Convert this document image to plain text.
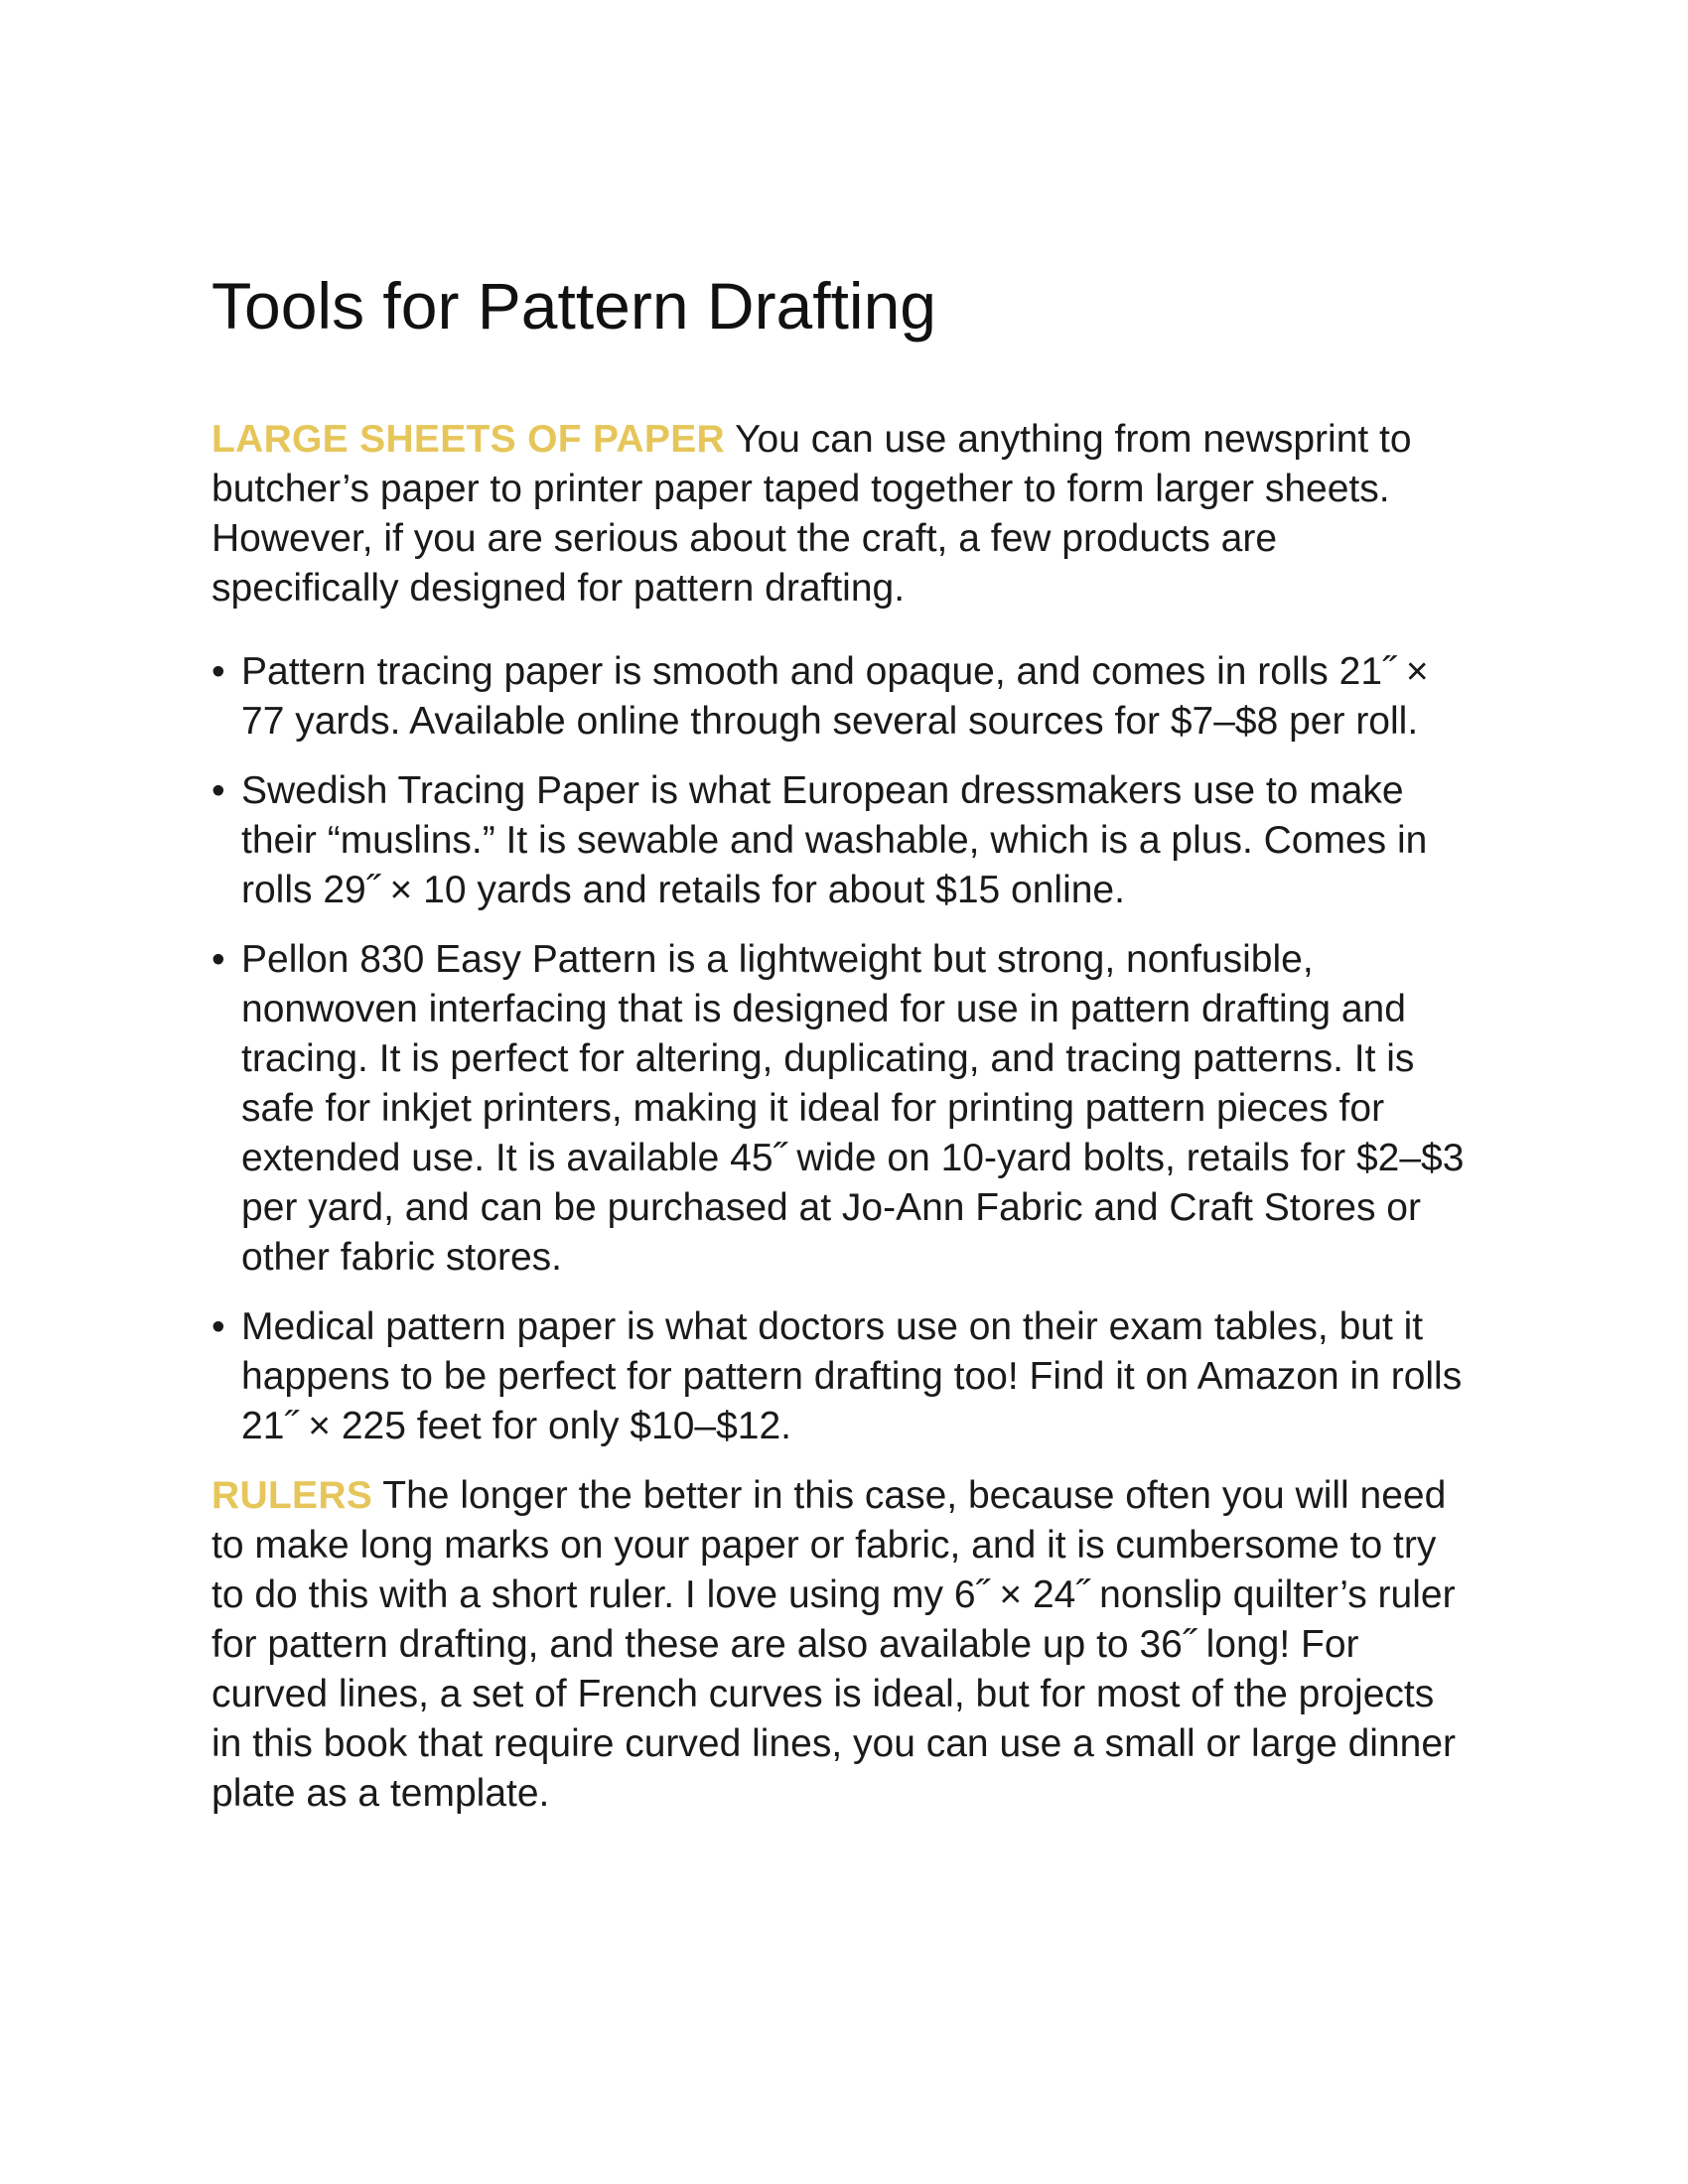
Tools for Pattern Drafting

LARGE SHEETS OF PAPER You can use anything from newsprint to butcher’s paper to printer paper taped together to form larger sheets. However, if you are serious about the craft, a few products are specifically designed for pattern drafting.

• Pattern tracing paper is smooth and opaque, and comes in rolls 21˝ × 77 yards. Available online through several sources for $7–$8 per roll.
• Swedish Tracing Paper is what European dressmakers use to make their “muslins.” It is sewable and washable, which is a plus. Comes in rolls 29˝ × 10 yards and retails for about $15 online.
• Pellon 830 Easy Pattern is a lightweight but strong, nonfusible, nonwoven interfacing that is designed for use in pattern drafting and tracing. It is perfect for altering, duplicating, and tracing patterns. It is safe for inkjet printers, making it ideal for printing pattern pieces for extended use. It is available 45˝ wide on 10-yard bolts, retails for $2–$3 per yard, and can be purchased at Jo-Ann Fabric and Craft Stores or other fabric stores.
• Medical pattern paper is what doctors use on their exam tables, but it happens to be perfect for pattern drafting too! Find it on Amazon in rolls 21˝ × 225 feet for only $10–$12.

RULERS The longer the better in this case, because often you will need to make long marks on your paper or fabric, and it is cumbersome to try to do this with a short ruler. I love using my 6˝ × 24˝ nonslip quilter’s ruler for pattern drafting, and these are also available up to 36˝ long! For curved lines, a set of French curves is ideal, but for most of the projects in this book that require curved lines, you can use a small or large dinner plate as a template.
